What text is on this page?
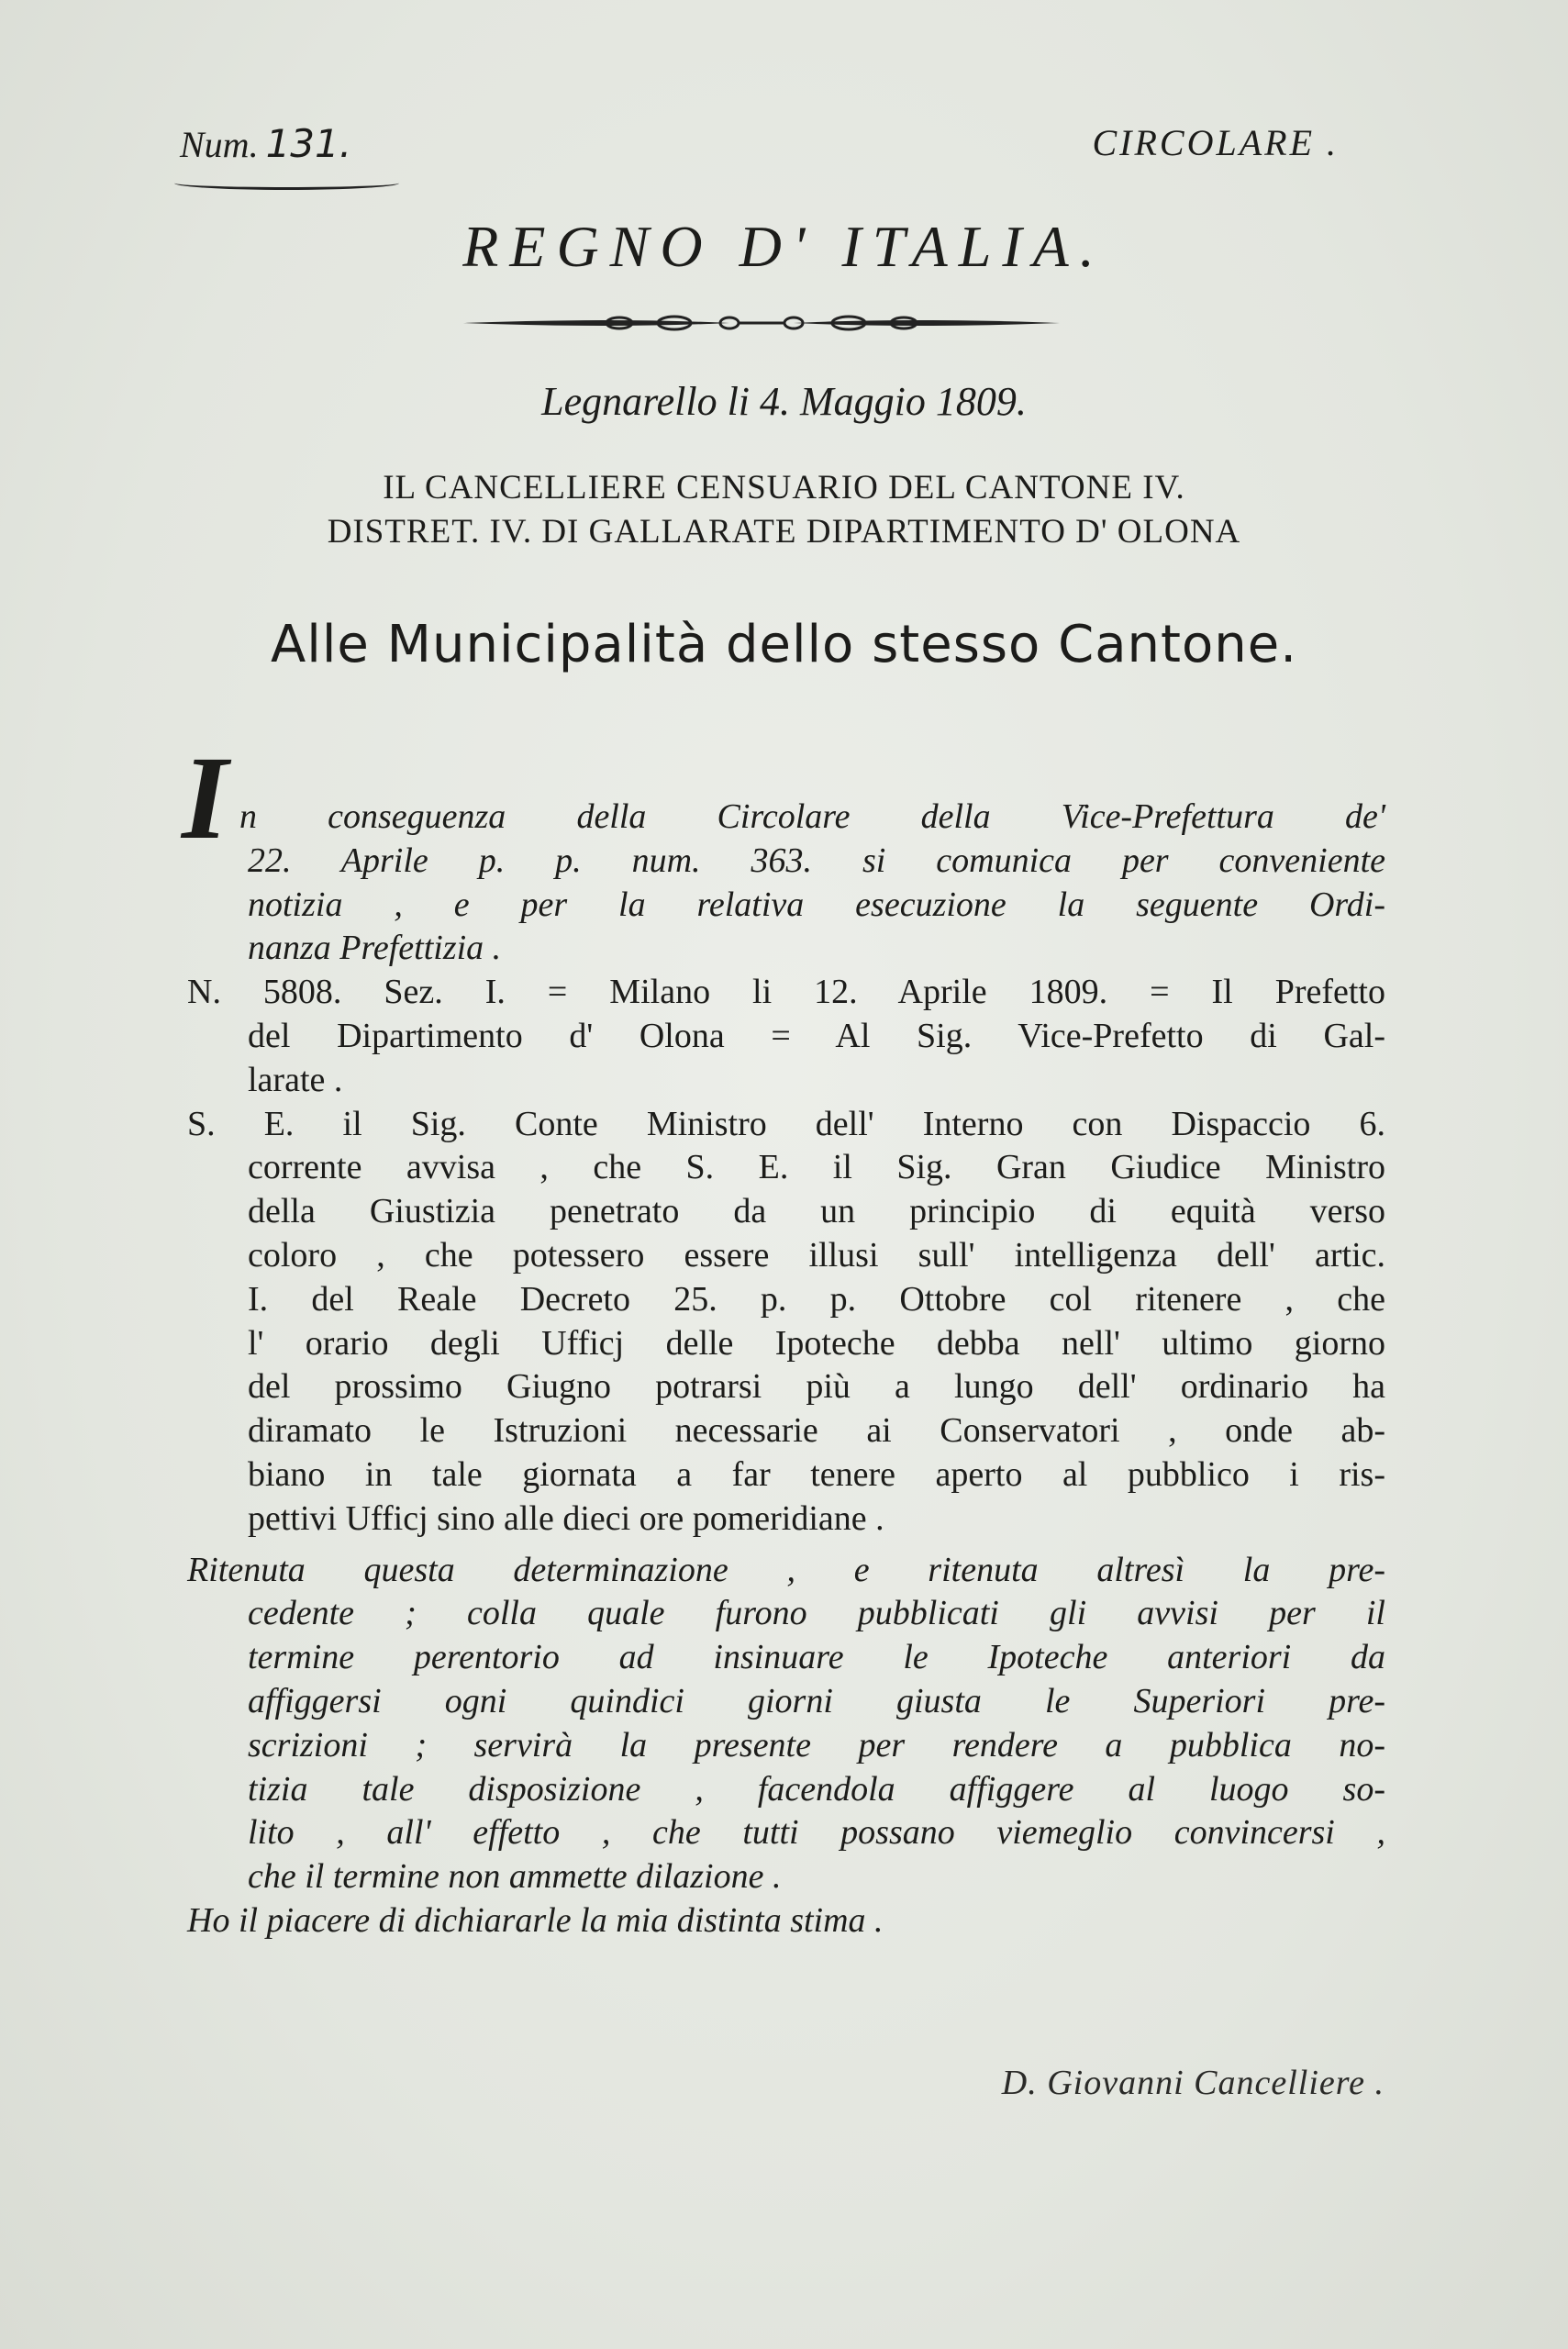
Num. 131.	CIRCOLARE .
REGNO D' ITALIA.
Legnarello li 4. Maggio 1809.
IL CANCELLIERE CENSUARIO DEL CANTONE IV.
DISTRET. IV. DI GALLARATE DIPARTIMENTO D' OLONA
Alle Municipalità dello stesso Cantone.
I n conseguenza della Circolare della Vice-Prefettura de'
22. Aprile p. p. num. 363. si comunica per conveniente
notizia , e per la relativa esecuzione la seguente Ordi-
nanza Prefettizia .
N. 5808. Sez. I. = Milano li 12. Aprile 1809. = Il Prefetto
del Dipartimento d' Olona = Al Sig. Vice-Prefetto di Gal-
larate .
S. E. il Sig. Conte Ministro dell' Interno con Dispaccio 6.
corrente avvisa , che S. E. il Sig. Gran Giudice Ministro
della Giustizia penetrato da un principio di equità verso
coloro , che potessero essere illusi sull' intelligenza dell' artic.
I. del Reale Decreto 25. p. p. Ottobre col ritenere , che
l' orario degli Ufficj delle Ipoteche debba nell' ultimo giorno
del prossimo Giugno potrarsi più a lungo dell' ordinario ha
diramato le Istruzioni necessarie ai Conservatori , onde ab-
biano in tale giornata a far tenere aperto al pubblico i ris-
pettivi Ufficj sino alle dieci ore pomeridiane .
Ritenuta questa determinazione , e ritenuta altresì la pre-
cedente ; colla quale furono pubblicati gli avvisi per il
termine perentorio ad insinuare le Ipoteche anteriori da
affiggersi ogni quindici giorni giusta le Superiori pre-
scrizioni ; servirà la presente per rendere a pubblica no-
tizia tale disposizione , facendola affiggere al luogo so-
lito , all' effetto , che tutti possano viemeglio convincersi ,
che il termine non ammette dilazione .
Ho il piacere di dichiararle la mia distinta stima .
D. Giovanni Cancelliere .
